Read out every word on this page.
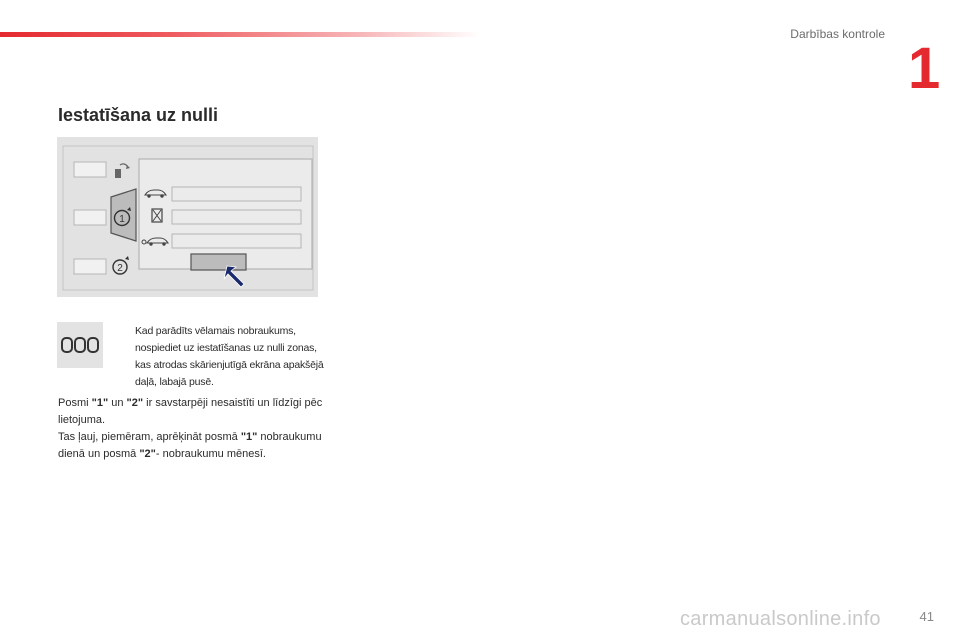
Darbības kontrole
1
Iestatīšana uz nulli
1
2
Kad parādīts vēlamais nobraukums, nospiediet uz iestatīšanas uz nulli zonas, kas atrodas skārienjutīgā ekrāna apakšējā daļā, labajā pusē.
Posmi "1" un "2" ir savstarpēji nesaistīti un līdzīgi pēc lietojuma.
Tas ļauj, piemēram, aprēķināt posmā "1" nobraukumu dienā un posmā "2"- nobraukumu mēnesī.
carmanualsonline.info	41
